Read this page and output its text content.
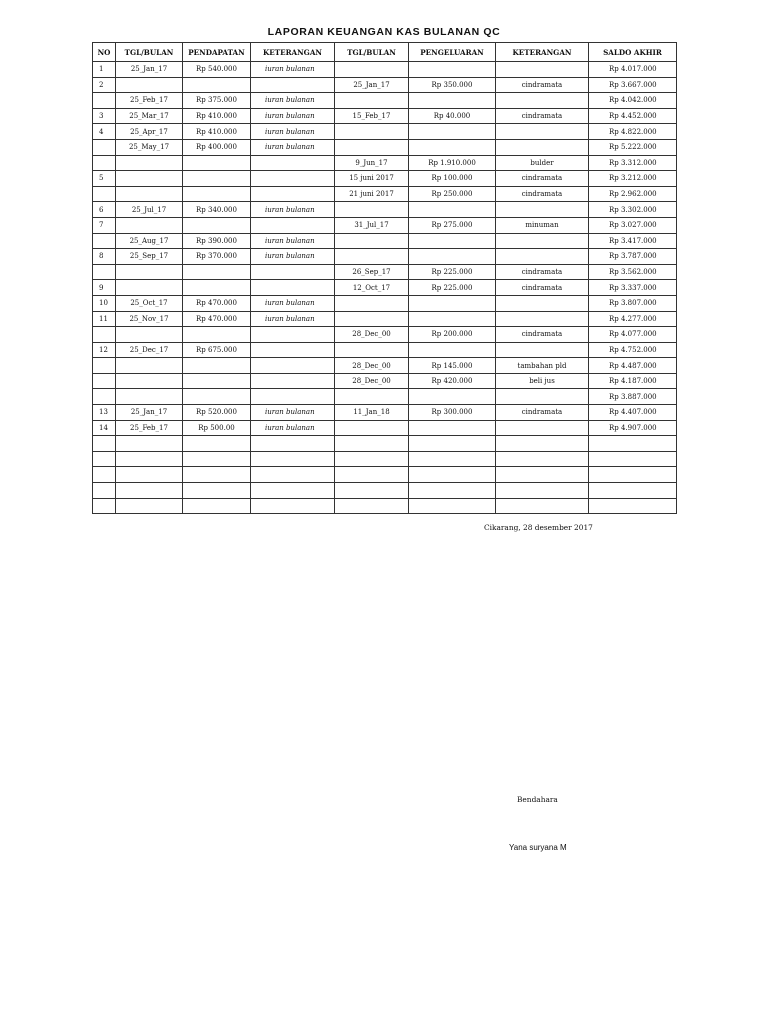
LAPORAN KEUANGAN KAS BULANAN QC
NO	TGL/BULAN	PENDAPATAN	KETERANGAN	TGL/BULAN	PENGELUARAN	KETERANGAN	SALDO AKHIR
1	25_Jan_17	Rp 540.000	iuran bulanan				Rp 4.017.000
2				25_Jan_17	Rp 350.000	cindramata	Rp 3.667.000
	25_Feb_17	Rp 375.000	iuran bulanan				Rp 4.042.000
3	25_Mar_17	Rp 410.000	iuran bulanan	15_Feb_17	Rp 40.000	cindramata	Rp 4.452.000
4	25_Apr_17	Rp 410.000	iuran bulanan				Rp 4.822.000
	25_May_17	Rp 400.000	iuran bulanan				Rp 5.222.000
				9_Jun_17	Rp 1.910.000	bulder	Rp 3.312.000
5				15 juni 2017	Rp 100.000	cindramata	Rp 3.212.000
				21 juni 2017	Rp 250.000	cindramata	Rp 2.962.000
6	25_Jul_17	Rp 340.000	iuran bulanan				Rp 3.302.000
7				31_Jul_17	Rp 275.000	minuman	Rp 3.027.000
	25_Aug_17	Rp 390.000	iuran bulanan				Rp 3.417.000
8	25_Sep_17	Rp 370.000	iuran bulanan				Rp 3.787.000
				26_Sep_17	Rp 225.000	cindramata	Rp 3.562.000
9				12_Oct_17	Rp 225.000	cindramata	Rp 3.337.000
10	25_Oct_17	Rp 470.000	iuran bulanan				Rp 3.807.000
11	25_Nov_17	Rp 470.000	iuran bulanan				Rp 4.277.000
				28_Dec_00	Rp 200.000	cindramata	Rp 4.077.000
12	25_Dec_17	Rp 675.000					Rp 4.752.000
				28_Dec_00	Rp 145.000	tambahan pld	Rp 4.487.000
				28_Dec_00	Rp 420.000	beli jus	Rp 4.187.000
							Rp 3.887.000
13	25_Jan_17	Rp 520.000	iuran bulanan	11_Jan_18	Rp 300.000	cindramata	Rp 4.407.000
14	25_Feb_17	Rp 500.00	iuran bulanan				Rp 4.907.000

Cikarang, 28 desember 2017
Bendahara
Yana suryana M
